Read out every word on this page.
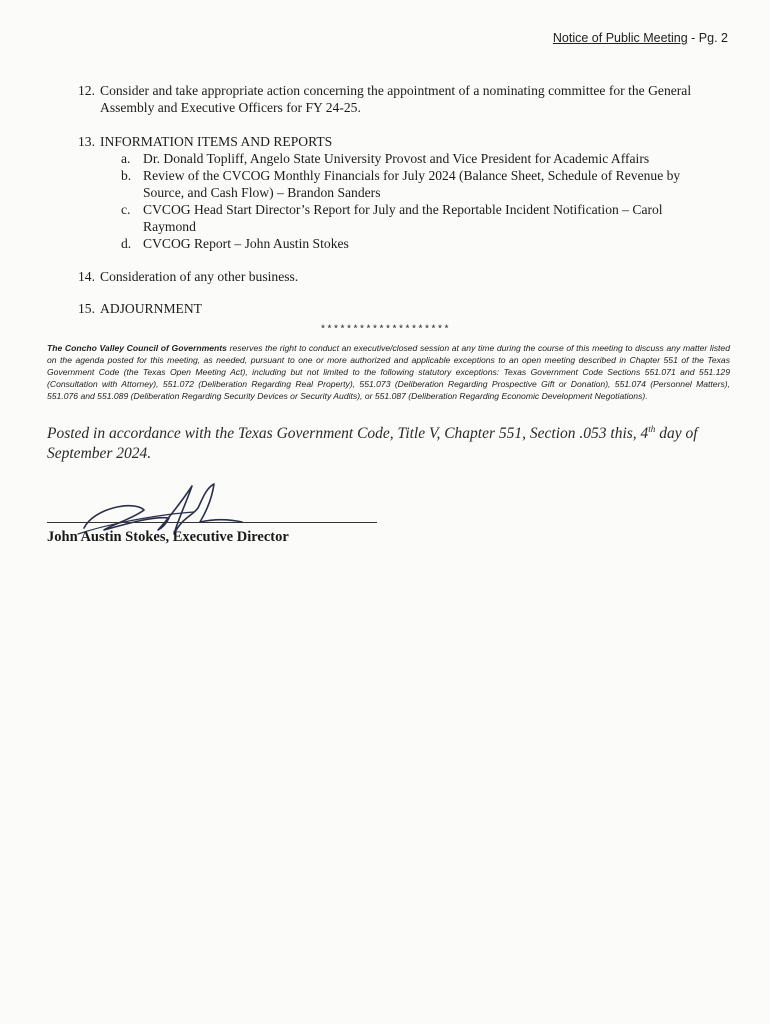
Notice of Public Meeting - Pg. 2
12. Consider and take appropriate action concerning the appointment of a nominating committee for the General Assembly and Executive Officers for FY 24-25.
13. INFORMATION ITEMS AND REPORTS
a. Dr. Donald Topliff, Angelo State University Provost and Vice President for Academic Affairs
b. Review of the CVCOG Monthly Financials for July 2024 (Balance Sheet, Schedule of Revenue by Source, and Cash Flow) – Brandon Sanders
c. CVCOG Head Start Director’s Report for July and the Reportable Incident Notification – Carol Raymond
d. CVCOG Report – John Austin Stokes
14. Consideration of any other business.
15. ADJOURNMENT
********************
The Concho Valley Council of Governments reserves the right to conduct an executive/closed session at any time during the course of this meeting to discuss any matter listed on the agenda posted for this meeting, as needed, pursuant to one or more authorized and applicable exceptions to an open meeting described in Chapter 551 of the Texas Government Code (the Texas Open Meeting Act), including but not limited to the following statutory exceptions: Texas Government Code Sections 551.071 and 551.129 (Consultation with Attorney), 551.072 (Deliberation Regarding Real Property), 551.073 (Deliberation Regarding Prospective Gift or Donation), 551.074 (Personnel Matters), 551.076 and 551.089 (Deliberation Regarding Security Devices or Security Audits), or 551.087 (Deliberation Regarding Economic Development Negotiations).
Posted in accordance with the Texas Government Code, Title V, Chapter 551, Section .053 this, 4th day of September 2024.
John Austin Stokes, Executive Director
